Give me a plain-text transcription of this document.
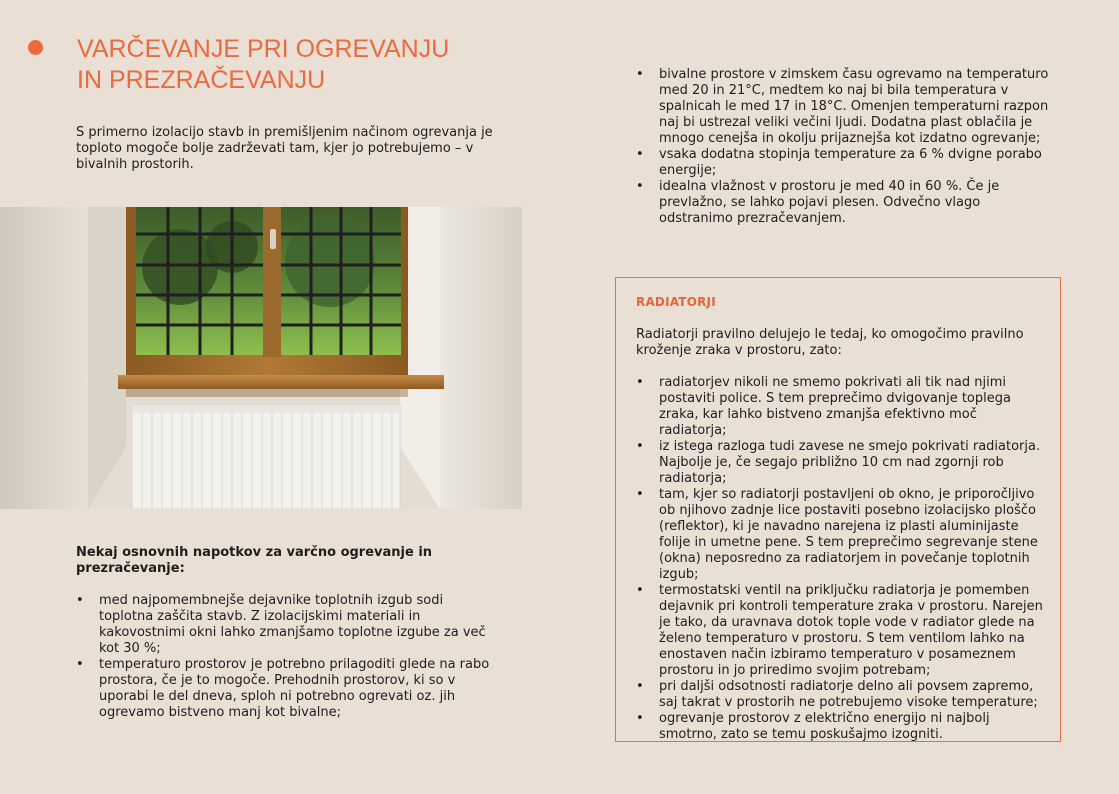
VARČEVANJE PRI OGREVANJU
IN PREZRAČEVANJU

S primerno izolacijo stavb in premišljenim načinom ogrevanja je toploto mogoče bolje zadrževati tam, kjer jo potrebujemo – v bivalnih prostorih.

Nekaj osnovnih napotkov za varčno ogrevanje in prezračevanje:

• med najpomembnejše dejavnike toplotnih izgub sodi toplotna zaščita stavb. Z izolacijskimi materiali in kakovostnimi okni lahko zmanjšamo toplotne izgube za več kot 30 %;
• temperaturo prostorov je potrebno prilagoditi glede na rabo prostora, če je to mogoče. Prehodnih prostorov, ki so v uporabi le del dneva, sploh ni potrebno ogrevati oz. jih ogrevamo bistveno manj kot bivalne;
• bivalne prostore v zimskem času ogrevamo na temperaturo med 20 in 21°C, medtem ko naj bi bila temperatura v spalnicah le med 17 in 18°C. Omenjen temperaturni razpon naj bi ustrezal veliki večini ljudi. Dodatna plast oblačila je mnogo cenejša in okolju prijaznejša kot izdatno ogrevanje;
• vsaka dodatna stopinja temperature za 6 % dvigne porabo energije;
• idealna vlažnost v prostoru je med 40 in 60 %. Če je prevlažno, se lahko pojavi plesen. Odvečno vlago odstranimo prezračevanjem.
RADIATORJI

Radiatorji pravilno delujejo le tedaj, ko omogočimo pravilno kroženje zraka v prostoru, zato:

• radiatorjev nikoli ne smemo pokrivati ali tik nad njimi postaviti police. S tem preprečimo dvigovanje toplega zraka, kar lahko bistveno zmanjša efektivno moč radiatorja;
• iz istega razloga tudi zavese ne smejo pokrivati radiatorja. Najbolje je, če segajo približno 10 cm nad zgornji rob radiatorja;
• tam, kjer so radiatorji postavljeni ob okno, je priporočljivo ob njihovo zadnje lice postaviti posebno izolacijsko ploščo (reflektor), ki je navadno narejena iz plasti aluminijaste folije in umetne pene. S tem preprečimo segrevanje stene (okna) neposredno za radiatorjem in povečanje toplotnih izgub;
• termostatski ventil na priključku radiatorja je pomemben dejavnik pri kontroli temperature zraka v prostoru. Narejen je tako, da uravnava dotok tople vode v radiator glede na želeno temperaturo v prostoru. S tem ventilom lahko na enostaven način izbiramo temperaturo v posameznem prostoru in jo priredimo svojim potrebam;
• pri daljši odsotnosti radiatorje delno ali povsem zapremo, saj takrat v prostorih ne potrebujemo visoke temperature;
• ogrevanje prostorov z električno energijo ni najbolj smotrno, zato se temu poskušajmo izogniti.
